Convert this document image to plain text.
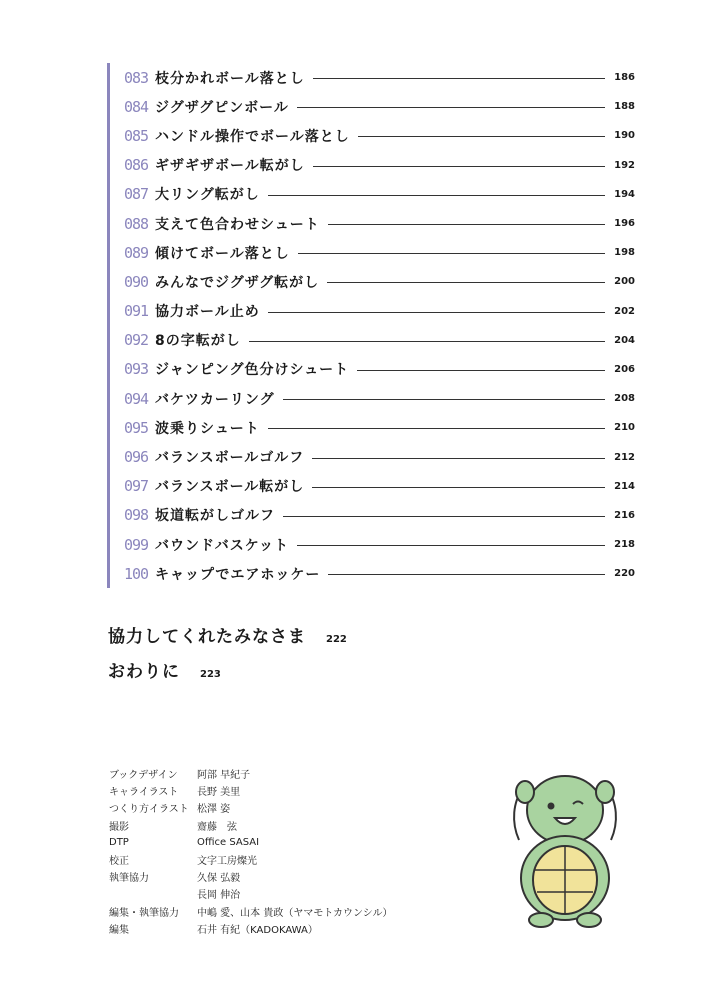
083 枝分かれボール落とし	186
084 ジグザグピンボール	188
085 ハンドル操作でボール落とし	190
086 ギザギザボール転がし	192
087 大リング転がし	194
088 支えて色合わせシュート	196
089 傾けてボール落とし	198
090 みんなでジグザグ転がし	200
091 協力ボール止め	202
092 8の字転がし	204
093 ジャンピング色分けシュート	206
094 バケツカーリング	208
095 波乗りシュート	210
096 バランスボールゴルフ	212
097 バランスボール転がし	214
098 坂道転がしゴルフ	216
099 バウンドバスケット	218
100 キャップでエアホッケー	220
協力してくれたみなさま 222
おわりに 223
ブックデザイン	阿部 早紀子
キャライラスト	長野 美里
つくり方イラスト 松澤 姿
撮影	齋藤　弦
DTP	Office SASAI
校正	文字工房燦光
執筆協力	久保 弘毅
長岡 伸治
編集・執筆協力	中嶋 愛、山本 貴政（ヤマモトカウンシル）
編集	石井 有紀（KADOKAWA）
